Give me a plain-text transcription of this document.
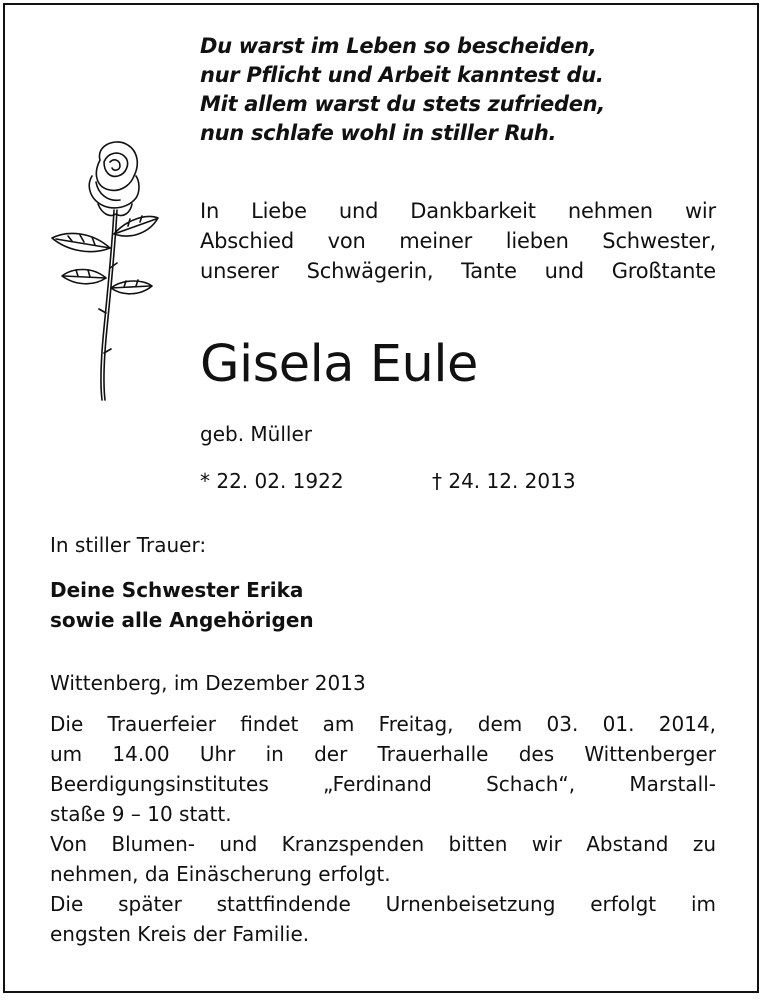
Du warst im Leben so bescheiden,
nur Pflicht und Arbeit kanntest du.
Mit allem warst du stets zufrieden,
nun schlafe wohl in stiller Ruh.
In Liebe und Dankbarkeit nehmen wir
Abschied von meiner lieben Schwester,
unserer Schwägerin, Tante und Großtante
Gisela Eule
geb. Müller
* 22. 02. 1922	† 24. 12. 2013
In stiller Trauer:
Deine Schwester Erika
sowie alle Angehörigen
Wittenberg, im Dezember 2013
Die Trauerfeier findet am Freitag, dem 03. 01. 2014,
um 14.00 Uhr in der Trauerhalle des Wittenberger
Beerdigungsinstitutes „Ferdinand Schach“, Marstall-
staße 9 – 10 statt.
Von Blumen- und Kranzspenden bitten wir Abstand zu
nehmen, da Einäscherung erfolgt.
Die später stattfindende Urnenbeisetzung erfolgt im
engsten Kreis der Familie.
